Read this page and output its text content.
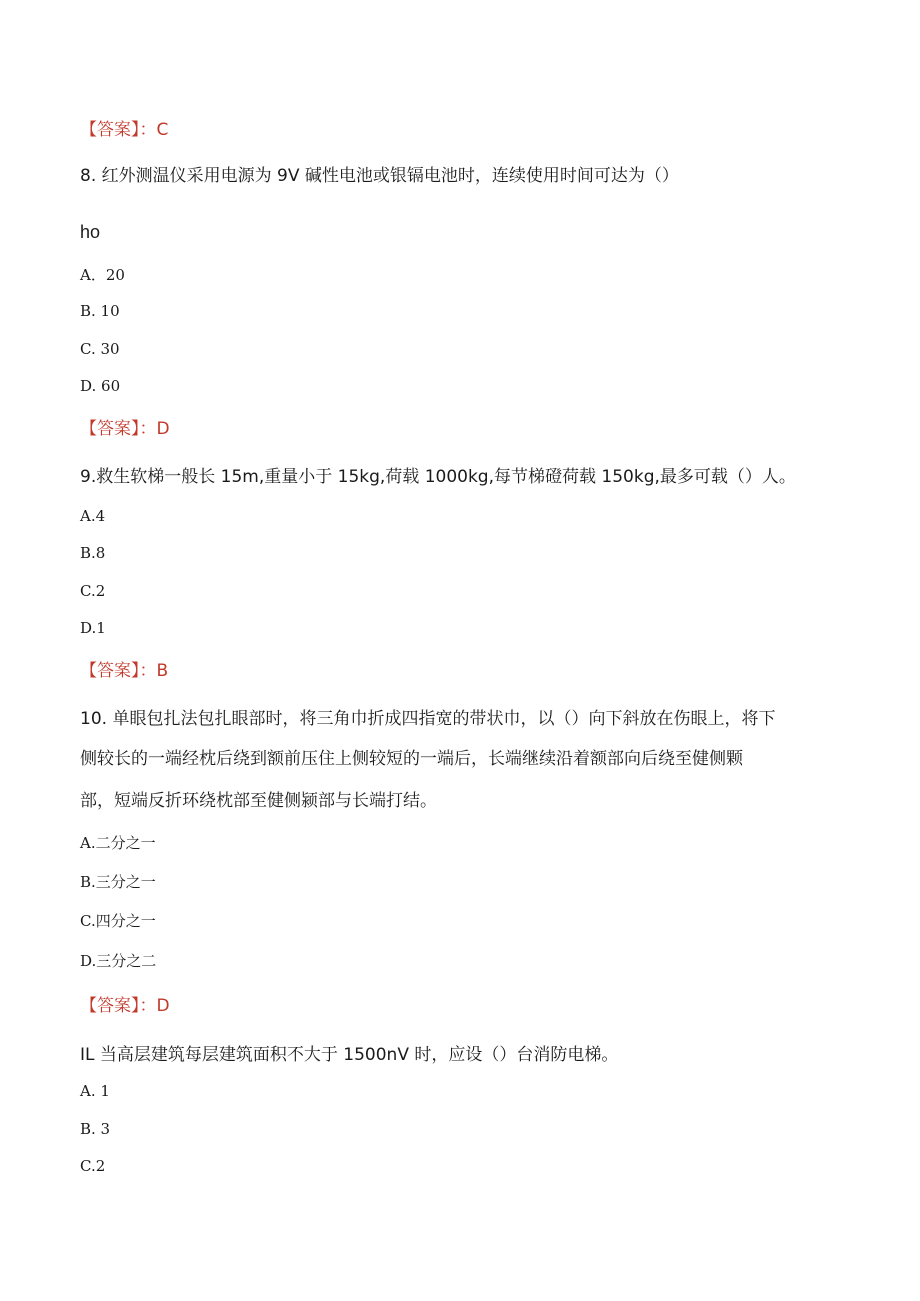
【答案】：C
8. 红外测温仪采用电源为 9V 碱性电池或银镉电池时，连续使用时间可达为（）
ho
A．20
B. 10
C. 30
D. 60
【答案】：D
9.救生软梯一般长 15m,重量小于 15kg,荷载 1000kg,每节梯磴荷载 150kg,最多可载（）人。
A.4
B.8
C.2
D.1
【答案】：B
10. 单眼包扎法包扎眼部时，将三角巾折成四指宽的带状巾，以（）向下斜放在伤眼上，将下
侧较长的一端经枕后绕到额前压住上侧较短的一端后，长端继续沿着额部向后绕至健侧颗
部，短端反折环绕枕部至健侧颍部与长端打结。
A.二分之一
B.三分之一
C.四分之一
D.三分之二
【答案】：D
IL 当高层建筑每层建筑面积不大于 1500nV 时，应设（）台消防电梯。
A. 1
B. 3
C.2
